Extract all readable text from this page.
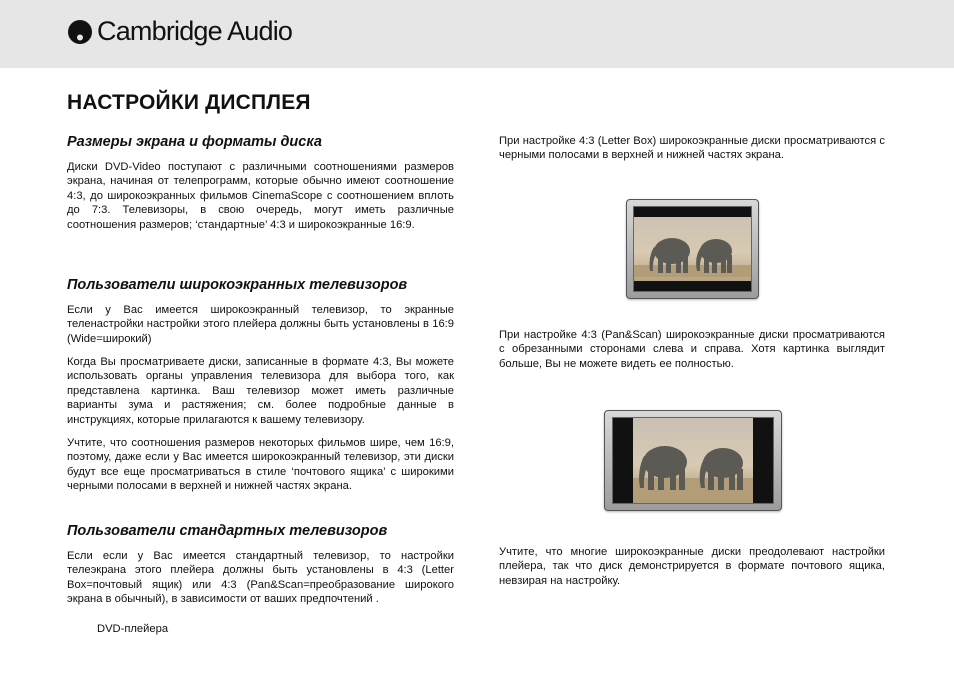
Cambridge Audio
НАСТРОЙКИ ДИСПЛЕЯ
Размеры экрана и форматы диска

Диски DVD-Video поступают с различными соотношениями размеров экрана, начиная от телепрограмм, которые обычно имеют соотношение 4:3, до широкоэкранных фильмов CinemaScope с соотношением вплоть до 7:3. Телевизоры, в свою очередь, могут иметь различные соотношения размеров; ‘стандартные’ 4:3 и широкоэкранные 16:9.

Пользователи широкоэкранных телевизоров

Если у Вас имеется широкоэкранный телевизор, то экранные теленастройки настройки этого плейера должны быть установлены в 16:9 (Wide=широкий)

Когда Вы просматриваете диски, записанные в формате 4:3, Вы можете использовать органы управления телевизора для выбора того, как представлена картинка. Ваш телевизор может иметь различные варианты зума и растяжения; см. более подробные данные в инструкциях, которые прилагаются к вашему телевизору.

Учтите, что соотношения размеров некоторых фильмов шире, чем 16:9, поэтому, даже если у Вас имеется широкоэкранный телевизор, эти диски будут все еще просматриваться в стиле ‘почтового ящика’ с широкими черными полосами в верхней и нижней частях экрана.

Пользователи стандартных телевизоров

Если если у Вас имеется стандартный телевизор, то настройки телеэкрана этого плейера должны быть установлены в 4:3 (Letter Box=почтовый ящик) или 4:3 (Pan&Scan=преобразование широкого экрана в обычный), в зависимости от ваших предпочтений .

DVD-плейера

При настройке 4:3 (Letter Box) широкоэкранные диски просматриваются с черными полосами в верхней и нижней частях экрана.

При настройке 4:3 (Pan&Scan) широкоэкранные диски просматриваются с обрезанными сторонами слева и справа. Хотя картинка выглядит больше, Вы не можете видеть ее полностью.

Учтите, что многие широкоэкранные диски преодолевают настройки плейера, так что диск демонстрируется в формате почтового ящика, невзирая на настройку.
